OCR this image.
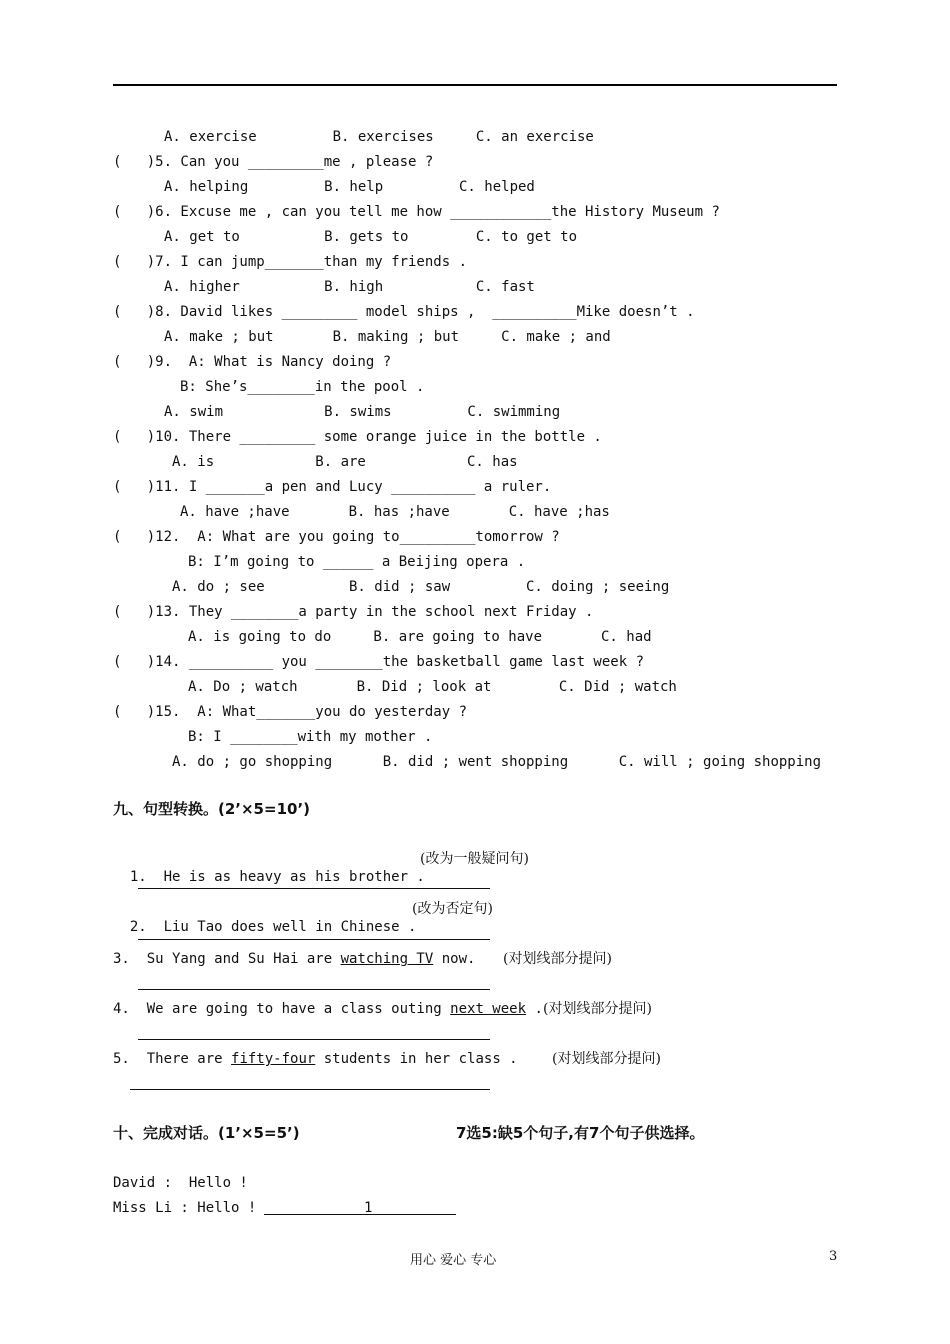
A. exercise         B. exercises     C. an exercise
(   )5. Can you _________me , please ?
A. helping         B. help         C. helped
(   )6. Excuse me , can you tell me how ____________the History Museum ?
A. get to          B. gets to        C. to get to
(   )7. I can jump_______than my friends .
A. higher          B. high           C. fast
(   )8. David likes _________ model ships ,  __________Mike doesn’t .
A. make ; but       B. making ; but     C. make ; and
(   )9.  A: What is Nancy doing ?
B: She’s________in the pool .
A. swim            B. swims         C. swimming
(   )10. There _________ some orange juice in the bottle .
A. is            B. are            C. has
(   )11. I _______a pen and Lucy __________ a ruler.
A. have ;have       B. has ;have       C. have ;has
(   )12.  A: What are you going to_________tomorrow ?
B: I’m going to ______ a Beijing opera .
A. do ; see          B. did ; saw         C. doing ; seeing
(   )13. They ________a party in the school next Friday .
A. is going to do     B. are going to have       C. had
(   )14. __________ you ________the basketball game last week ?
A. Do ; watch       B. Did ; look at        C. Did ; watch
(   )15.  A: What_______you do yesterday ?
B: I ________with my mother .
A. do ; go shopping      B. did ; went shopping      C. will ; going shopping
九、句型转换。(2’×5=10’)

1.  He is as heavy as his brother .

(改为一般疑问句)

2.  Liu Tao does well in Chinese .

(改为否定句)
3.  Su Yang and Su Hai are watching TV now. (对划线部分提问)
4.  We are going to have a class outing next week . (对划线部分提问)
5.  There are fifty-four students in her class . (对划线部分提问)
十、完成对话。(1’×5=5’)	7选5:缺5个句子,有7个句子供选择。
David :  Hello !
Miss Li : Hello !	1
用心 爱心 专心	3
